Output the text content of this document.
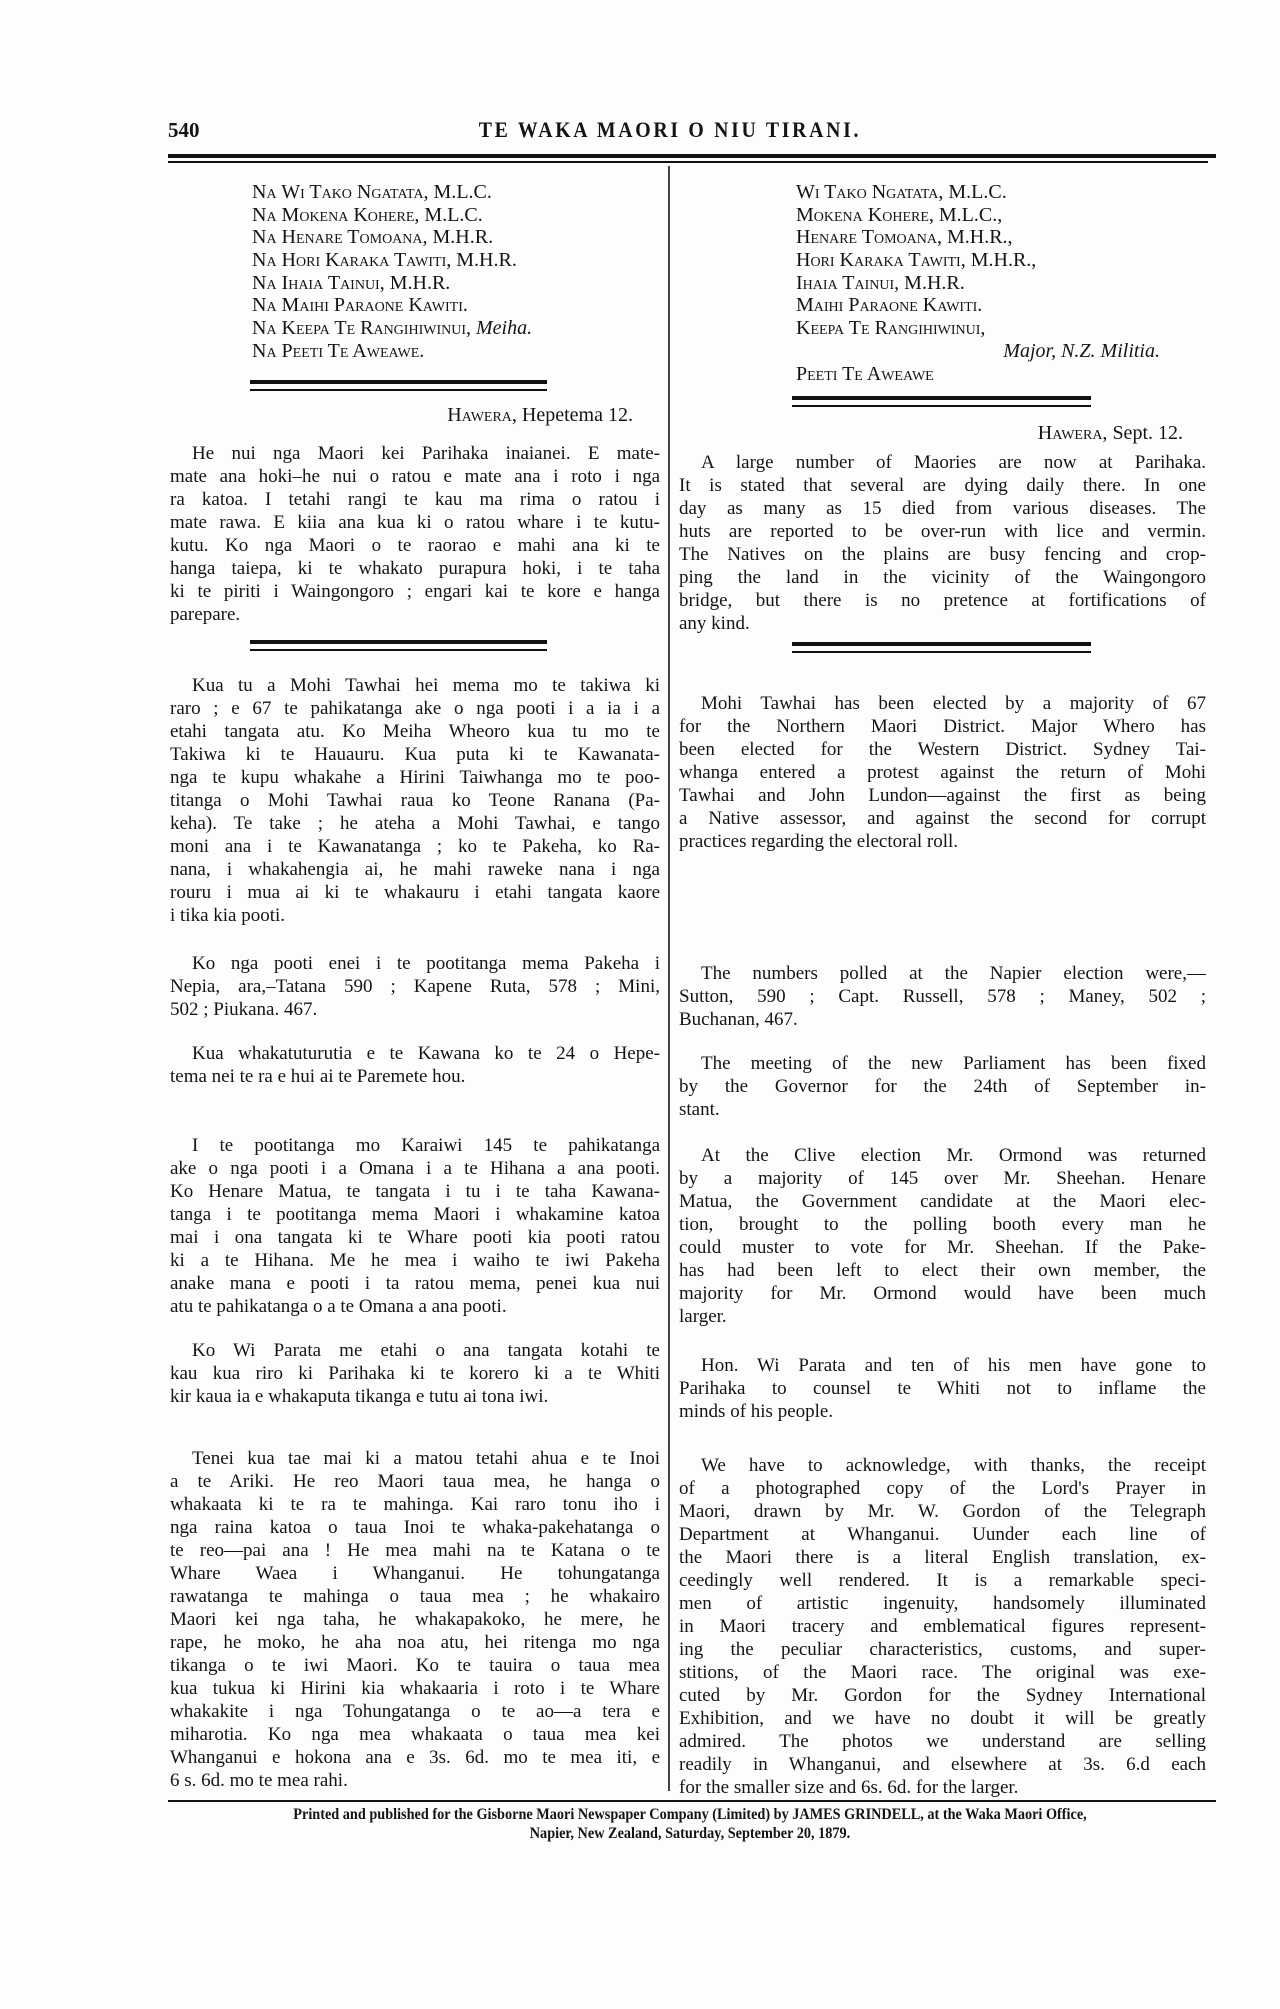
540	TE WAKA MAORI O NIU TIRANI.
Na Wi Tako Ngatata, M.L.C.
Na Mokena Kohere, M.L.C.
Na Henare Tomoana, M.H.R.
Na Hori Karaka Tawiti, M.H.R.
Na Ihaia Tainui, M.H.R.
Na Maihi Paraone Kawiti.
Na Keepa Te Rangihiwinui, Meiha.
Na Peeti Te Aweawe.
Wi Tako Ngatata, M.L.C.
Mokena Kohere, M.L.C.,
Henare Tomoana, M.H.R.,
Hori Karaka Tawiti, M.H.R.,
Ihaia Tainui, M.H.R.
Maihi Paraone Kawiti.
Keepa Te Rangihiwinui,
Major, N.Z. Militia.
Peeti Te Aweawe
Hawera, Hepetema 12.
Hawera, Sept. 12.
He nui nga Maori kei Parihaka inaianei. E mate-
mate ana hoki–he nui o ratou e mate ana i roto i nga
ra katoa. I tetahi rangi te kau ma rima o ratou i
mate rawa. E kiia ana kua ki o ratou whare i te kutu-
kutu. Ko nga Maori o te raorao e mahi ana ki te
hanga taiepa, ki te whakato purapura hoki, i te taha
ki te piriti i Waingongoro ; engari kai te kore e hanga
parepare.
Kua tu a Mohi Tawhai hei mema mo te takiwa ki
raro ; e 67 te pahikatanga ake o nga pooti i a ia i a
etahi tangata atu. Ko Meiha Wheoro kua tu mo te
Takiwa ki te Hauauru. Kua puta ki te Kawanata-
nga te kupu whakahe a Hirini Taiwhanga mo te poo-
titanga o Mohi Tawhai raua ko Teone Ranana (Pa-
keha). Te take ; he ateha a Mohi Tawhai, e tango
moni ana i te Kawanatanga ; ko te Pakeha, ko Ra-
nana, i whakahengia ai, he mahi raweke nana i nga
rouru i mua ai ki te whakauru i etahi tangata kaore
i tika kia pooti.
Ko nga pooti enei i te pootitanga mema Pakeha i
Nepia, ara,–Tatana 590 ; Kapene Ruta, 578 ; Mini,
502 ; Piukana. 467.
Kua whakatuturutia e te Kawana ko te 24 o Hepe-
tema nei te ra e hui ai te Paremete hou.
I te pootitanga mo Karaiwi 145 te pahikatanga
ake o nga pooti i a Omana i a te Hihana a ana pooti.
Ko Henare Matua, te tangata i tu i te taha Kawana-
tanga i te pootitanga mema Maori i whakamine katoa
mai i ona tangata ki te Whare pooti kia pooti ratou
ki a te Hihana. Me he mea i waiho te iwi Pakeha
anake mana e pooti i ta ratou mema, penei kua nui
atu te pahikatanga o a te Omana a ana pooti.
Ko Wi Parata me etahi o ana tangata kotahi te
kau kua riro ki Parihaka ki te korero ki a te Whiti
kir kaua ia e whakaputa tikanga e tutu ai tona iwi.
Tenei kua tae mai ki a matou tetahi ahua e te Inoi
a te Ariki. He reo Maori taua mea, he hanga o
whakaata ki te ra te mahinga. Kai raro tonu iho i
nga raina katoa o taua Inoi te whaka-pakehatanga o
te reo—pai ana ! He mea mahi na te Katana o te
Whare Waea i Whanganui. He tohungatanga
rawatanga te mahinga o taua mea ; he whakairo
Maori kei nga taha, he whakapakoko, he mere, he
rape, he moko, he aha noa atu, hei ritenga mo nga
tikanga o te iwi Maori. Ko te tauira o taua mea
kua tukua ki Hirini kia whakaaria i roto i te Whare
whakakite i nga Tohungatanga o te ao—a tera e
miharotia. Ko nga mea whakaata o taua mea kei
Whanganui e hokona ana e 3s. 6d. mo te mea iti, e
6 s. 6d. mo te mea rahi.
A large number of Maories are now at Parihaka.
It is stated that several are dying daily there. In one
day as many as 15 died from various diseases. The
huts are reported to be over-run with lice and vermin.
The Natives on the plains are busy fencing and crop-
ping the land in the vicinity of the Waingongoro
bridge, but there is no pretence at fortifications of
any kind.
Mohi Tawhai has been elected by a majority of 67
for the Northern Maori District. Major Whero has
been elected for the Western District. Sydney Tai-
whanga entered a protest against the return of Mohi
Tawhai and John Lundon—against the first as being
a Native assessor, and against the second for corrupt
practices regarding the electoral roll.
The numbers polled at the Napier election were,—
Sutton, 590 ; Capt. Russell, 578 ; Maney, 502 ;
Buchanan, 467.
The meeting of the new Parliament has been fixed
by the Governor for the 24th of September in-
stant.
At the Clive election Mr. Ormond was returned
by a majority of 145 over Mr. Sheehan. Henare
Matua, the Government candidate at the Maori elec-
tion, brought to the polling booth every man he
could muster to vote for Mr. Sheehan. If the Pake-
has had been left to elect their own member, the
majority for Mr. Ormond would have been much
larger.
Hon. Wi Parata and ten of his men have gone to
Parihaka to counsel te Whiti not to inflame the
minds of his people.
We have to acknowledge, with thanks, the receipt
of a photographed copy of the Lord's Prayer in
Maori, drawn by Mr. W. Gordon of the Telegraph
Department at Whanganui. Uunder each line of
the Maori there is a literal English translation, ex-
ceedingly well rendered. It is a remarkable speci-
men of artistic ingenuity, handsomely illuminated
in Maori tracery and emblematical figures represent-
ing the peculiar characteristics, customs, and super-
stitions, of the Maori race. The original was exe-
cuted by Mr. Gordon for the Sydney International
Exhibition, and we have no doubt it will be greatly
admired. The photos we understand are selling
readily in Whanganui, and elsewhere at 3s. 6.d each
for the smaller size and 6s. 6d. for the larger.
Printed and published for the Gisborne Maori Newspaper Company (Limited) by JAMES GRINDELL, at the Waka Maori Office,
Napier, New Zealand, Saturday, September 20, 1879.
